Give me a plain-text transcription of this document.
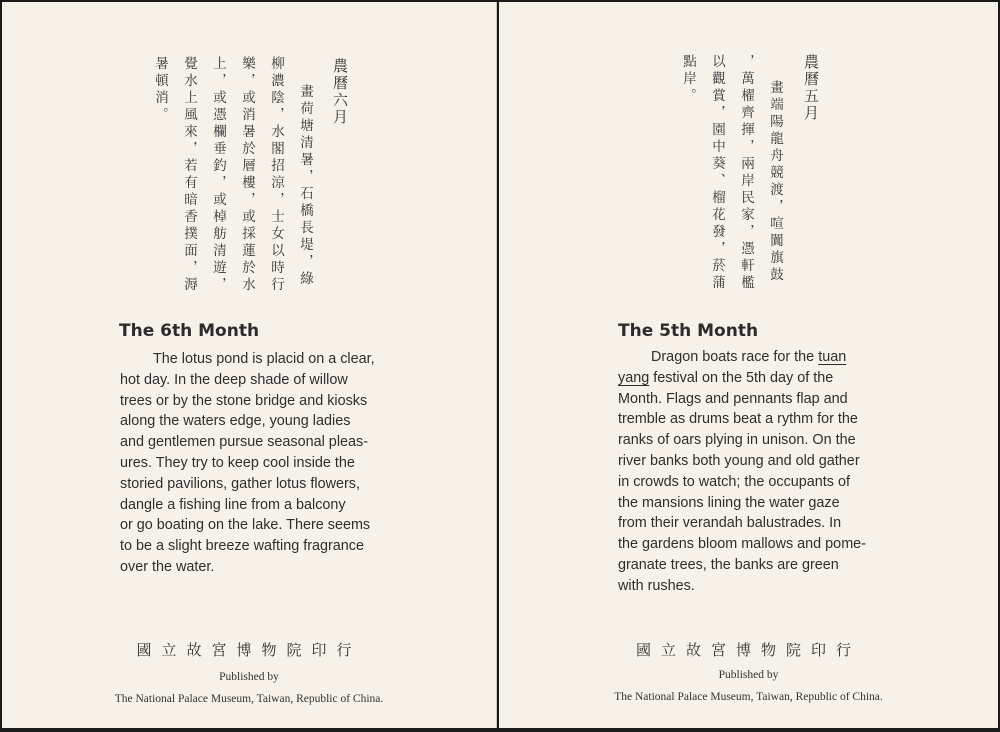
農曆六月
畫荷塘清暑，石橋長堤，綠
柳濃陰，水閣招涼，士女以時行
樂，或消暑於層樓，或採蓮於水
上，或憑欄垂釣，或棹舫清遊，
覺水上風來，若有暗香撲面，溽
暑頓消。
The 6th Month
The lotus pond is placid on a clear,
hot day. In the deep shade of willow
trees or by the stone bridge and kiosks
along the waters edge, young ladies
and gentlemen pursue seasonal pleas-
ures. They try to keep cool inside the
storied pavilions, gather lotus flowers,
dangle a fishing line from a balcony
or go boating on the lake. There seems
to be a slight breeze wafting fragrance
over the water.
國立故宮博物院印行
Published by
The National Palace Museum, Taiwan, Republic of China.
農曆五月
畫端陽龍舟競渡，喧闐旗鼓
，萬櫂齊揮，兩岸民家，憑軒檻
以觀賞，園中葵、榴花發，菸蒲
點岸。
The 5th Month
Dragon boats race for the tuan
yang festival on the 5th day of the
Month. Flags and pennants flap and
tremble as drums beat a rythm for the
ranks of oars plying in unison. On the
river banks both young and old gather
in crowds to watch; the occupants of
the mansions lining the water gaze
from their verandah balustrades. In
the gardens bloom mallows and pome-
granate trees, the banks are green
with rushes.
國立故宮博物院印行
Published by
The National Palace Museum, Taiwan, Republic of China.
